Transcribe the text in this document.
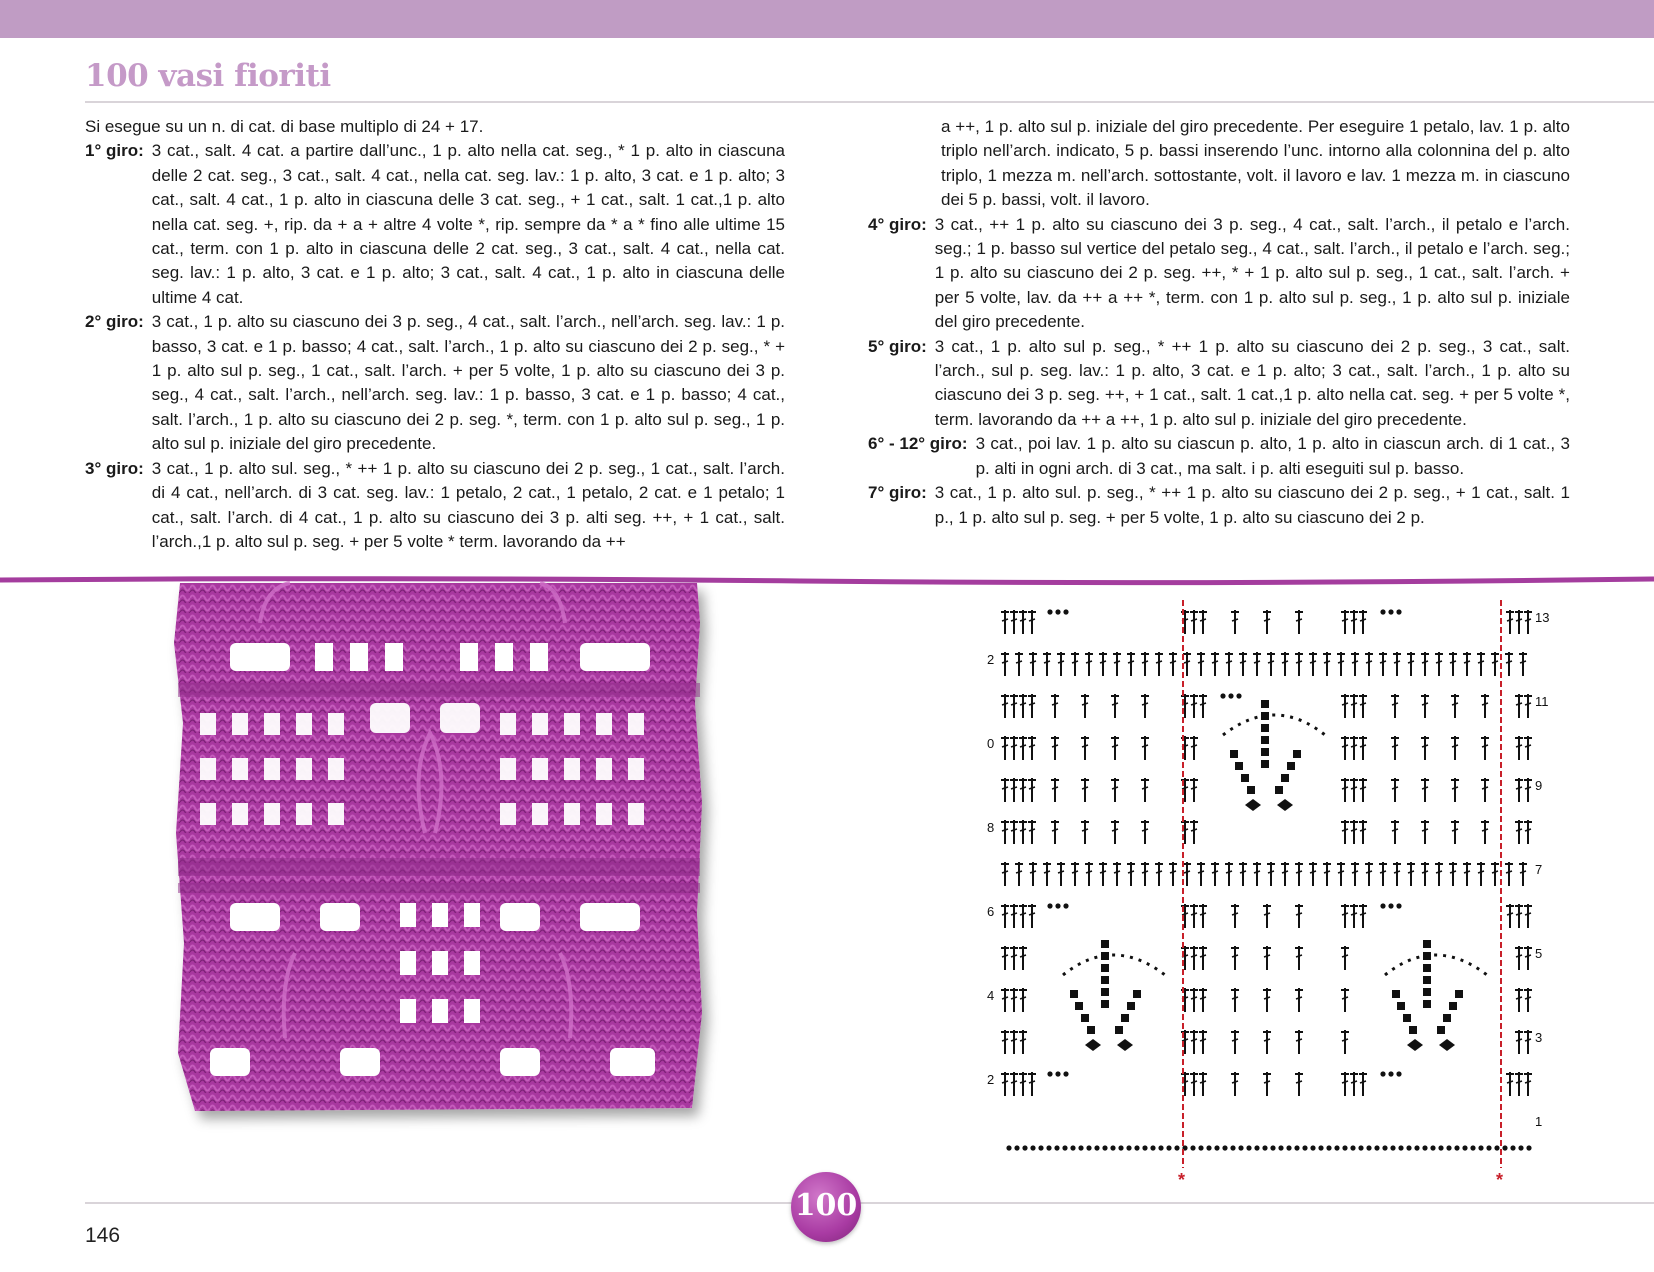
100 vasi fioriti

Si esegue su un n. di cat. di base multiplo di 24 + 17.

1° giro: 3 cat., salt. 4 cat. a partire dall’unc., 1 p. alto nella cat. seg., * 1 p. alto in ciascuna delle 2 cat. seg., 3 cat., salt. 4 cat., nella cat. seg. lav.: 1 p. alto, 3 cat. e 1 p. alto; 3 cat., salt. 4 cat., 1 p. alto in ciascuna delle 3 cat. seg., + 1 cat., salt. 1 cat.,1 p. alto nella cat. seg. +, rip. da + a + altre 4 volte *, rip. sempre da * a * fino alle ultime 15 cat., term. con 1 p. alto in ciascuna delle 2 cat. seg., 3 cat., salt. 4 cat., nella cat. seg. lav.: 1 p. alto, 3 cat. e 1 p. alto; 3 cat., salt. 4 cat., 1 p. alto in ciascuna delle ultime 4 cat.
2° giro: 3 cat., 1 p. alto su ciascuno dei 3 p. seg., 4 cat., salt. l’arch., nell’arch. seg. lav.: 1 p. basso, 3 cat. e 1 p. basso; 4 cat., salt. l’arch., 1 p. alto su ciascuno dei 2 p. seg., * + 1 p. alto sul p. seg., 1 cat., salt. l’arch. + per 5 volte, 1 p. alto su ciascuno dei 3 p. seg., 4 cat., salt. l’arch., nell’arch. seg. lav.: 1 p. basso, 3 cat. e 1 p. basso; 4 cat., salt. l’arch., 1 p. alto su ciascuno dei 2 p. seg. *, term. con 1 p. alto sul p. seg., 1 p. alto sul p. iniziale del giro precedente.
3° giro: 3 cat., 1 p. alto sul. seg., * ++ 1 p. alto su ciascuno dei 2 p. seg., 1 cat., salt. l’arch. di 4 cat., nell’arch. di 3 cat. seg. lav.: 1 petalo, 2 cat., 1 petalo, 2 cat. e 1 petalo; 1 cat., salt. l’arch. di 4 cat., 1 p. alto su ciascuno dei 3 p. alti seg. ++, + 1 cat., salt. l’arch.,1 p. alto sul p. seg. + per 5 volte * term. lavorando da ++
a ++, 1 p. alto sul p. iniziale del giro precedente. Per eseguire 1 petalo, lav. 1 p. alto triplo nell’arch. indicato, 5 p. bassi inserendo l’unc. intorno alla colonnina del p. alto triplo, 1 mezza m. nell’arch. sottostante, volt. il lavoro e lav. 1 mezza m. in ciascuno dei 5 p. bassi, volt. il lavoro.
4° giro: 3 cat., ++ 1 p. alto su ciascuno dei 3 p. seg., 4 cat., salt. l’arch., il petalo e l’arch. seg.; 1 p. basso sul vertice del petalo seg., 4 cat., salt. l’arch., il petalo e l’arch. seg.; 1 p. alto su ciascuno dei 2 p. seg. ++, * + 1 p. alto sul p. seg., 1 cat., salt. l’arch. + per 5 volte, lav. da ++ a ++ *, term. con 1 p. alto sul p. seg., 1 p. alto sul p. iniziale del giro precedente.
5° giro: 3 cat., 1 p. alto sul p. seg., * ++ 1 p. alto su ciascuno dei 2 p. seg., 3 cat., salt. l’arch., sul p. seg. lav.: 1 p. alto, 3 cat. e 1 p. alto; 3 cat., salt. l’arch., 1 p. alto su ciascuno dei 3 p. seg. ++, + 1 cat., salt. 1 cat.,1 p. alto nella cat. seg. + per 5 volte *, term. lavorando da ++ a ++, 1 p. alto sul p. iniziale del giro precedente.
6° - 12° giro: 3 cat., poi lav. 1 p. alto su ciascun p. alto, 1 p. alto in ciascun arch. di 1 cat., 3 p. alti in ogni arch. di 3 cat., ma salt. i p. alti eseguiti sul p. basso.
7° giro: 3 cat., 1 p. alto sul. p. seg., * ++ 1 p. alto su ciascuno dei 2 p. seg., + 1 cat., salt. 1 p., 1 p. alto sul p. seg. + per 5 volte, 1 p. alto su ciascuno dei 2 p.
13
11
9
7
5
3
1
2
0
8
6
4
2
*	*
100
146
